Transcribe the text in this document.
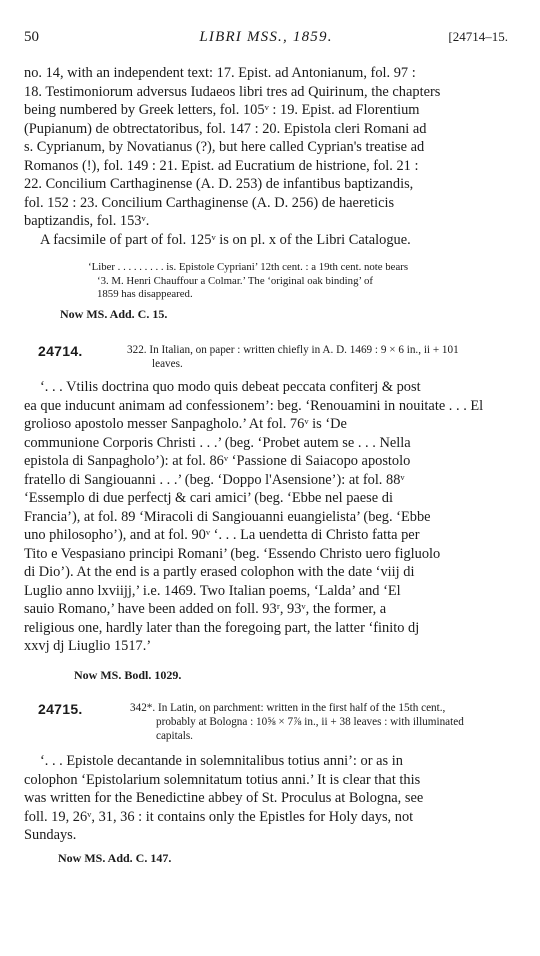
50	LIBRI MSS., 1859.	[24714–15.
no. 14, with an independent text: 17. Epist. ad Antonianum, fol. 97 :
18. Testimoniorum adversus Iudaeos libri tres ad Quirinum, the chapters
being numbered by Greek letters, fol. 105ᵛ : 19. Epist. ad Florentium
(Pupianum) de obtrectatoribus, fol. 147 : 20. Epistola cleri Romani ad
s. Cyprianum, by Novatianus (?), but here called Cyprian's treatise ad
Romanos (!), fol. 149 : 21. Epist. ad Eucratium de histrione, fol. 21 :
22. Concilium Carthaginense (A. D. 253) de infantibus baptizandis,
fol. 152 : 23. Concilium Carthaginense (A. D. 256) de haereticis
baptizandis, fol. 153ᵛ.
A facsimile of part of fol. 125ᵛ is on pl. x of the Libri Catalogue.
‘Liber . . . . . . . . . is. Epistole Cypriani’ 12th cent. : a 19th cent. note bears
‘3. M. Henri Chauffour a Colmar.’ The ‘original oak binding’ of
1859 has disappeared.

Now MS. Add. C. 15.

24714.	322. In Italian, on paper : written chiefly in A. D. 1469 : 9 × 6 in., ii + 101
leaves.
‘. . . Vtilis doctrina quo modo quis debeat peccata confiterj & post
ea que inducunt animam ad confessionem’: beg. ‘Renouamini in nouitate . . . El
grolioso apostolo messer Sanpagholo.’ At fol. 76ᵛ is ‘De
communione Corporis Christi . . .’ (beg. ‘Probet autem se . . . Nella
epistola di Sanpagholo’): at fol. 86ᵛ ‘Passione di Saiacopo apostolo
fratello di Sangiouanni . . .’ (beg. ‘Doppo l'Asensione’): at fol. 88ᵛ
‘Essemplo di due perfectj & cari amici’ (beg. ‘Ebbe nel paese di
Francia’), at fol. 89 ‘Miracoli di Sangiouanni euangielista’ (beg. ‘Ebbe
uno philosopho’), and at fol. 90ᵛ ‘. . . La uendetta di Christo fatta per
Tito e Vespasiano principi Romani’ (beg. ‘Essendo Christo uero figluolo
di Dio’). At the end is a partly erased colophon with the date ‘viij di
Luglio anno lxviijj,’ i.e. 1469. Two Italian poems, ‘Lalda’ and ‘El
sauio Romano,’ have been added on foll. 93ʳ, 93ᵛ, the former, a
religious one, hardly later than the foregoing part, the latter ‘finito dj
xxvj dj Liuglio 1517.’

Now MS. Bodl. 1029.

24715.	342*. In Latin, on parchment: written in the first half of the 15th cent.,
probably at Bologna : 10⅝ × 7⅞ in., ii + 38 leaves : with illuminated
capitals.
‘. . . Epistole decantande in solemnitalibus totius anni’: or as in
colophon ‘Epistolarium solemnitatum totius anni.’ It is clear that this
was written for the Benedictine abbey of St. Proculus at Bologna, see
foll. 19, 26ᵛ, 31, 36 : it contains only the Epistles for Holy days, not
Sundays.

Now MS. Add. C. 147.
